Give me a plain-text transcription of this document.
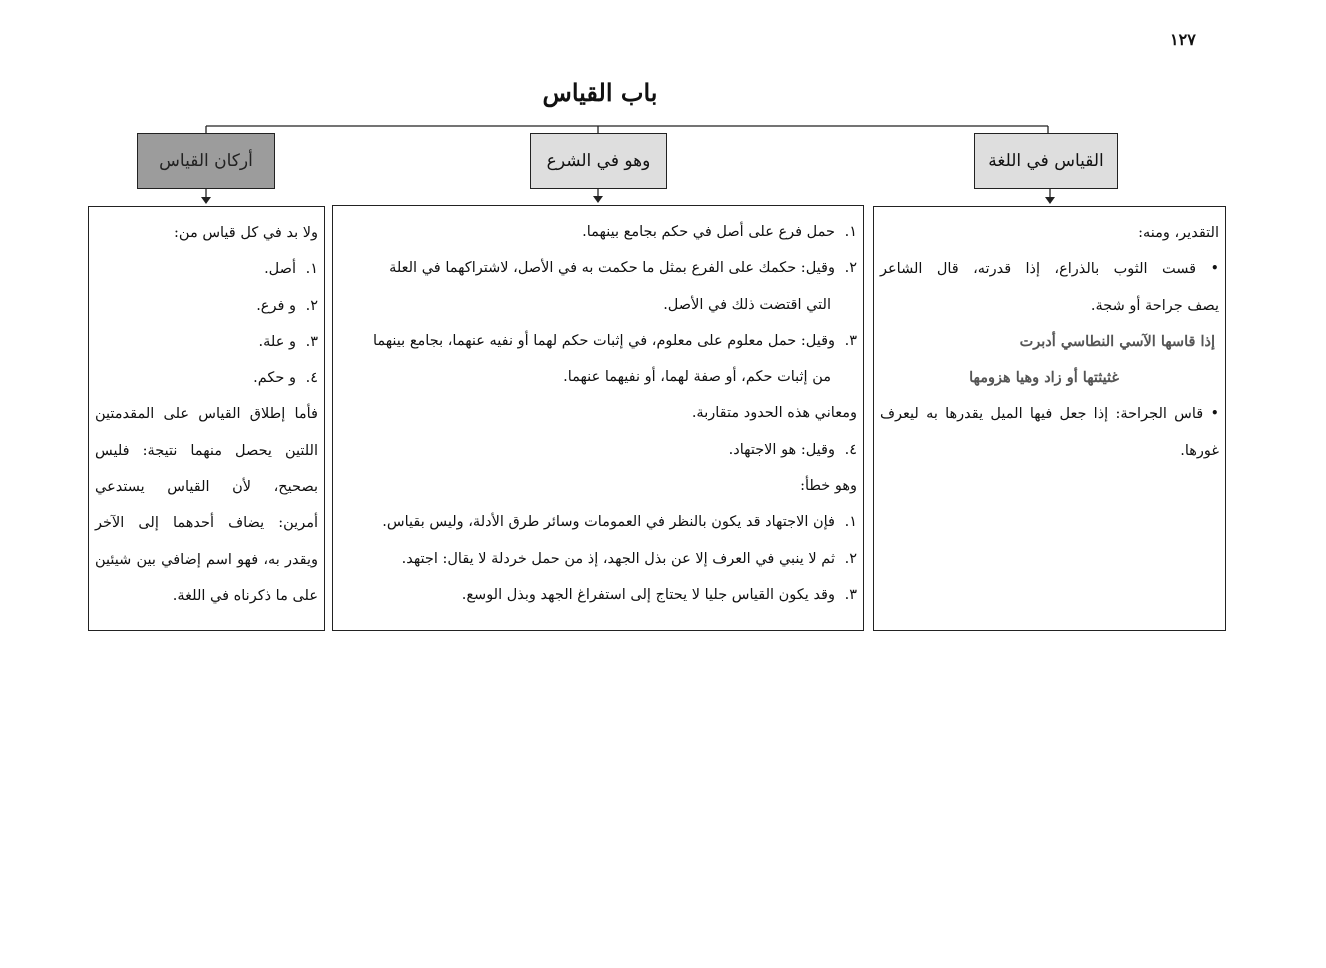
١٢٧
باب القياس
القياس في اللغة
وهو في الشرع
أركان القياس

التقدير، ومنه:

• قست الثوب بالذراع، إذا قدرته، قال الشاعر

يصف جراحة أو شجة.

إذا قاسها الآسي النطاسي أدبرت

غثيثتها أو زاد وهيا هزومها

• قاس الجراحة: إذا جعل فيها الميل يقدرها به ليعرف

غورها.

١.حمل فرع على أصل في حكم بجامع بينهما.

٢.وقيل: حكمك على الفرع بمثل ما حكمت به في الأصل، لاشتراكهما في العلة

التي اقتضت ذلك في الأصل.

٣.وقيل: حمل معلوم على معلوم، في إثبات حكم لهما أو نفيه عنهما، بجامع بينهما

من إثبات حكم، أو صفة لهما، أو نفيهما عنهما.

ومعاني هذه الحدود متقاربة.

٤.وقيل: هو الاجتهاد.

وهو خطأ:

١.فإن الاجتهاد قد يكون بالنظر في العمومات وسائر طرق الأدلة، وليس بقياس.

٢.ثم لا ينبي في العرف إلا عن بذل الجهد، إذ من حمل خردلة لا يقال: اجتهد.

٣.وقد يكون القياس جليا لا يحتاج إلى استفراغ الجهد وبذل الوسع.

ولا بد في كل قياس من:

١.أصل.

٢.و فرع.

٣.و علة.

٤.و حكم.

فأما إطلاق القياس على المقدمتين

اللتين يحصل منهما نتيجة: فليس

بصحيح، لأن القياس يستدعي

أمرين: يضاف أحدهما إلى الآخر

ويقدر به، فهو اسم إضافي بين شيئين

على ما ذكرناه في اللغة.
